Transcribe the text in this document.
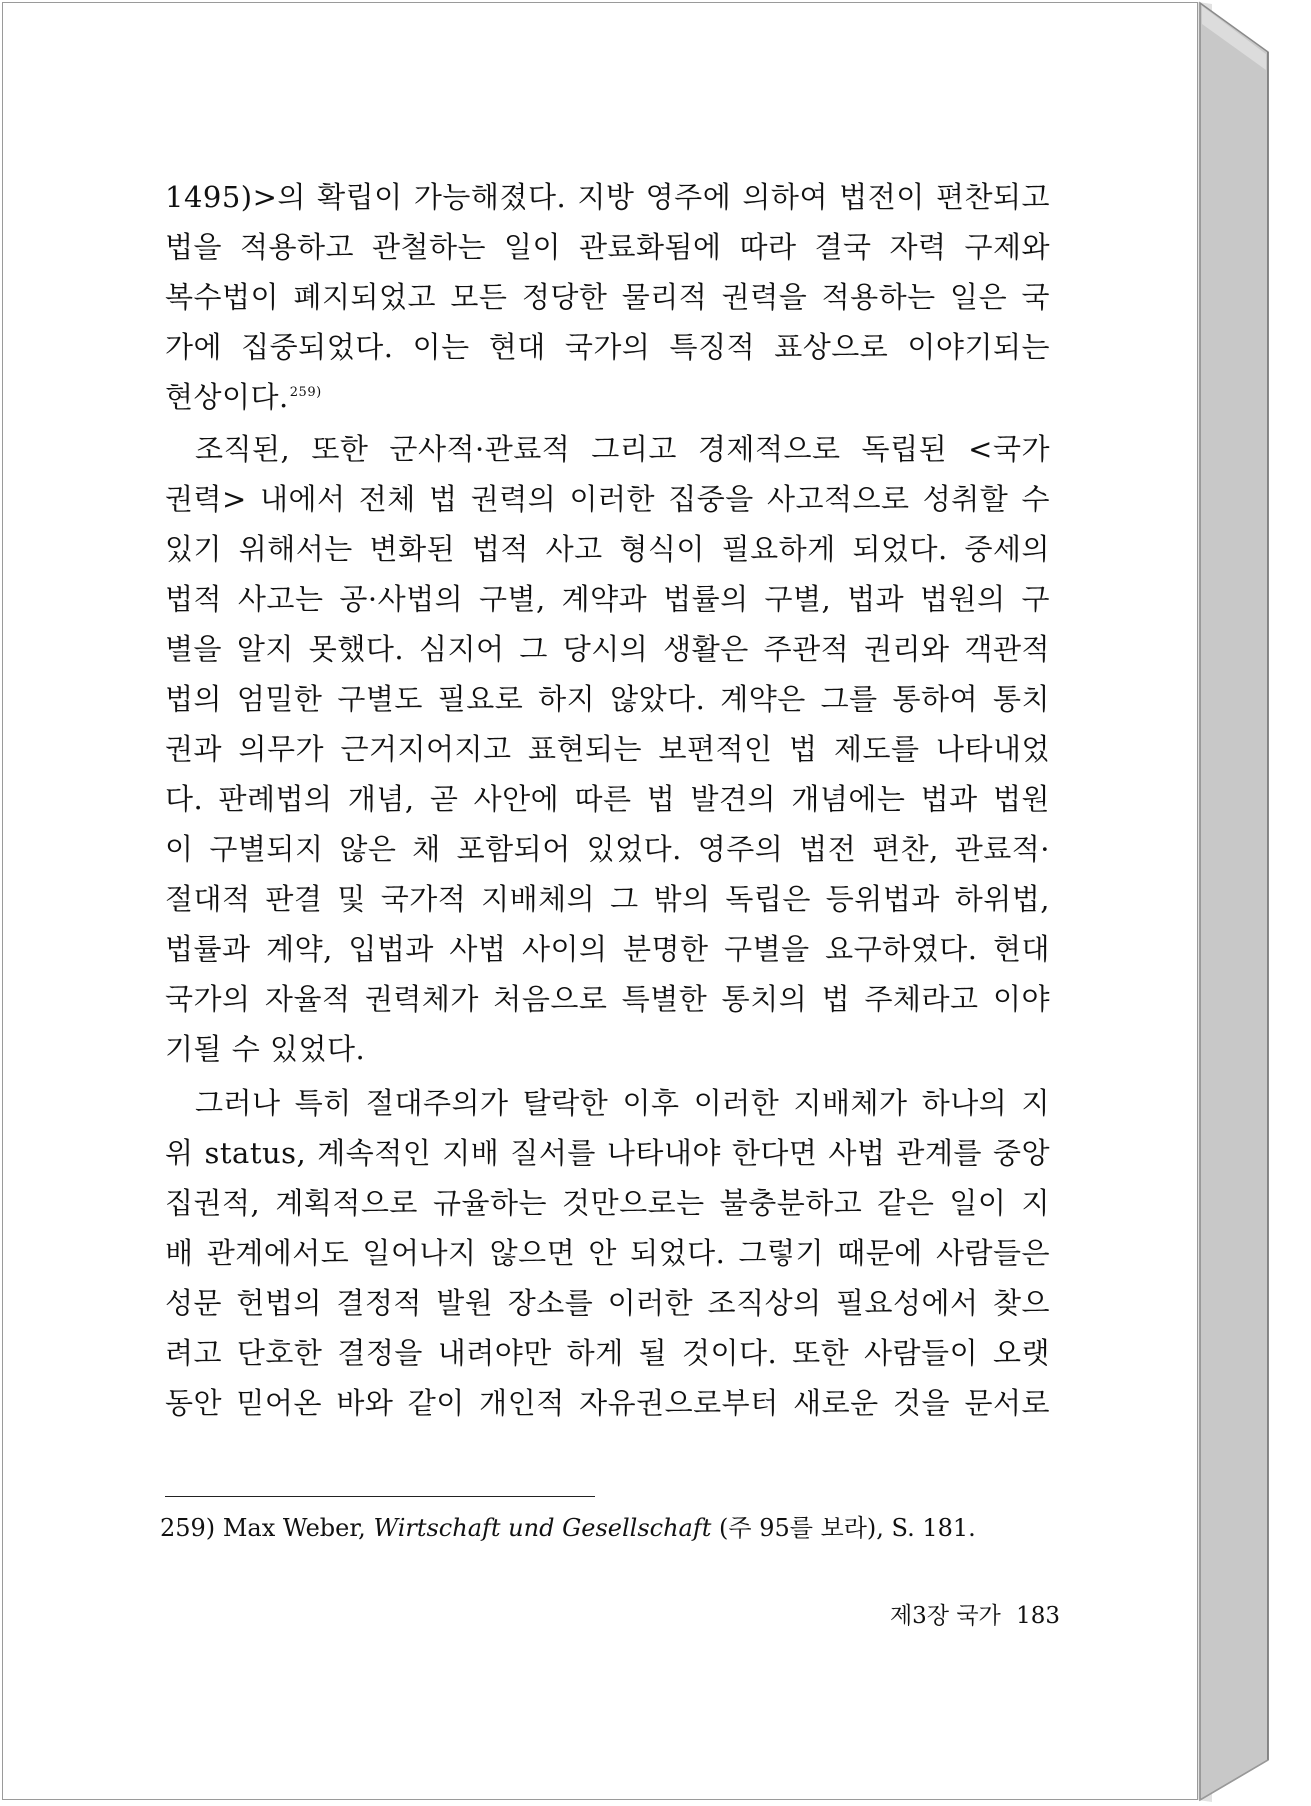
1495)>의 확립이 가능해졌다. 지방 영주에 의하여 법전이 편찬되고
법을 적용하고 관철하는 일이 관료화됨에 따라 결국 자력 구제와
복수법이 폐지되었고 모든 정당한 물리적 권력을 적용하는 일은 국
가에 집중되었다. 이는 현대 국가의 특징적 표상으로 이야기되는
현상이다.$^{259)}$
조직된, 또한 군사적·관료적 그리고 경제적으로 독립된 <국가
권력> 내에서 전체 법 권력의 이러한 집중을 사고적으로 성취할 수
있기 위해서는 변화된 법적 사고 형식이 필요하게 되었다. 중세의
법적 사고는 공·사법의 구별, 계약과 법률의 구별, 법과 법원의 구
별을 알지 못했다. 심지어 그 당시의 생활은 주관적 권리와 객관적
법의 엄밀한 구별도 필요로 하지 않았다. 계약은 그를 통하여 통치
권과 의무가 근거지어지고 표현되는 보편적인 법 제도를 나타내었
다. 판례법의 개념, 곧 사안에 따른 법 발견의 개념에는 법과 법원
이 구별되지 않은 채 포함되어 있었다. 영주의 법전 편찬, 관료적·
절대적 판결 및 국가적 지배체의 그 밖의 독립은 등위법과 하위법,
법률과 계약, 입법과 사법 사이의 분명한 구별을 요구하였다. 현대
국가의 자율적 권력체가 처음으로 특별한 통치의 법 주체라고 이야
기될 수 있었다.
그러나 특히 절대주의가 탈락한 이후 이러한 지배체가 하나의 지
위 status, 계속적인 지배 질서를 나타내야 한다면 사법 관계를 중앙
집권적, 계획적으로 규율하는 것만으로는 불충분하고 같은 일이 지
배 관계에서도 일어나지 않으면 안 되었다. 그렇기 때문에 사람들은
성문 헌법의 결정적 발원 장소를 이러한 조직상의 필요성에서 찾으
려고 단호한 결정을 내려야만 하게 될 것이다. 또한 사람들이 오랫
동안 믿어온 바와 같이 개인적 자유권으로부터 새로운 것을 문서로
259) Max Weber, Wirtschaft und Gesellschaft (주 95를 보라), S. 181.
제3장 국가 183
